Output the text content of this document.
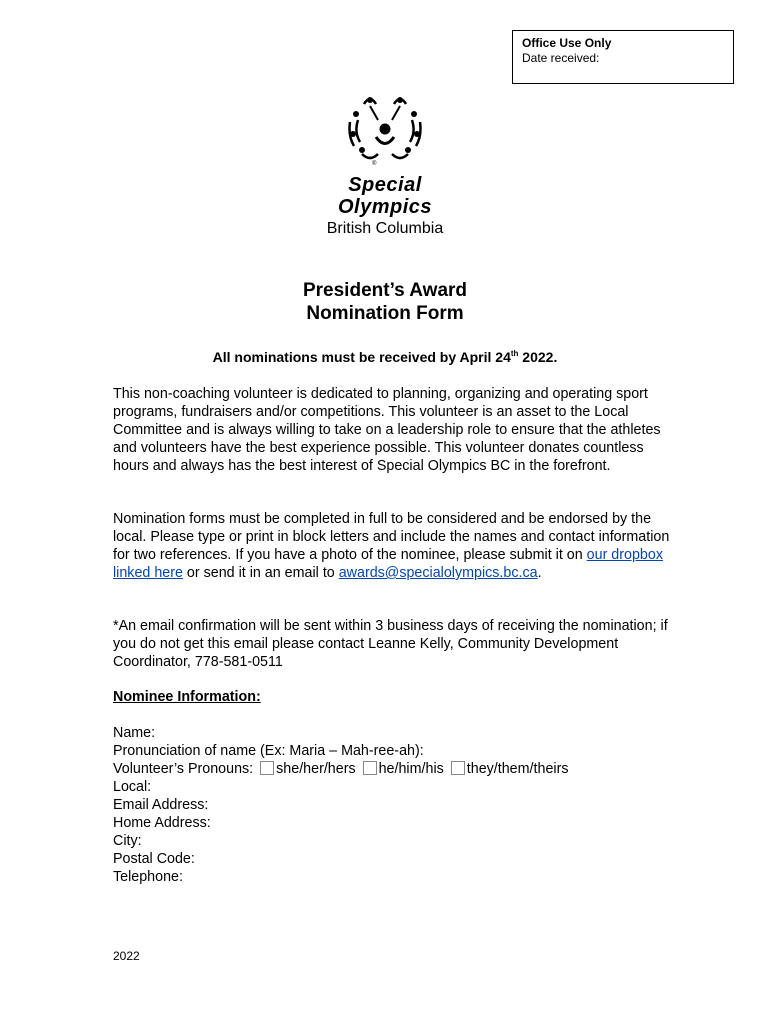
Office Use Only
Date received:
®
Special
Olympics
British Columbia
President’s Award
Nomination Form
All nominations must be received by April 24th 2022.
This non-coaching volunteer is dedicated to planning, organizing and operating sport programs, fundraisers and/or competitions. This volunteer is an asset to the Local Committee and is always willing to take on a leadership role to ensure that the athletes and volunteers have the best experience possible. This volunteer donates countless hours and always has the best interest of Special Olympics BC in the forefront.
Nomination forms must be completed in full to be considered and be endorsed by the local. Please type or print in block letters and include the names and contact information for two references. If you have a photo of the nominee, please submit it on our dropbox linked here or send it in an email to awards@specialolympics.bc.ca.
*An email confirmation will be sent within 3 business days of receiving the nomination; if you do not get this email please contact Leanne Kelly, Community Development Coordinator, 778-581-0511
Nominee Information:
Name:
Pronunciation of name (Ex: Maria – Mah-ree-ah):
Volunteer’s Pronouns: she/her/hers he/him/his they/them/theirs
Local:
Email Address:
Home Address:
City:
Postal Code:
Telephone:
2022
